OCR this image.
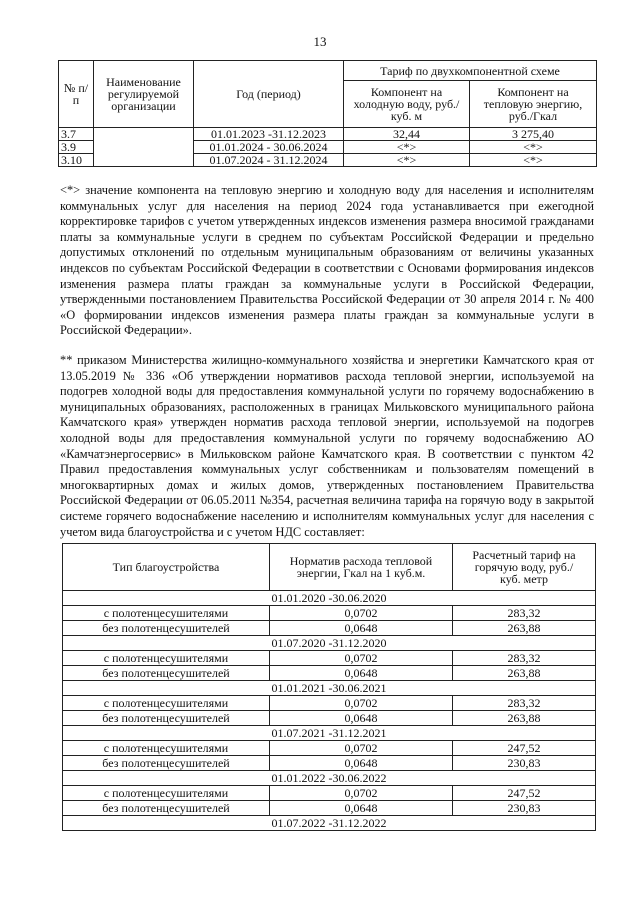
13
№ п/п	Наименование регулируемой организации	Год (период)	Тариф по двухкомпонентной схеме	
			Компонент на холодную воду, руб./куб. м	Компонент на тепловую энергию, руб./Гкал
3.7		01.01.2023 -31.12.2023	32,44	3 275,40
3.9		01.01.2024 - 30.06.2024	<*>	<*>
3.10		01.07.2024 - 31.12.2024	<*>	<*>
<*> значение компонента на тепловую энергию и холодную воду для населения и исполнителям
коммунальных услуг для населения на период 2024 года устанавливается при ежегодной
корректировке тарифов с учетом утвержденных индексов изменения размера вносимой гражданами
платы за коммунальные услуги в среднем по субъектам Российской Федерации и предельно
допустимых отклонений по отдельным муниципальным образованиям от величины указанных
индексов по субъектам Российской Федерации в соответствии с Основами формирования индексов
изменения размера платы граждан за коммунальные услуги в Российской Федерации,
утвержденными постановлением Правительства Российской Федерации от 30 апреля 2014 г. № 400
«О формировании индексов изменения размера платы граждан за коммунальные услуги в
Российской Федерации».
** приказом Министерства жилищно-коммунального хозяйства и энергетики Камчатского края от
13.05.2019 № 336 «Об утверждении нормативов расхода тепловой энергии, используемой на
подогрев холодной воды для предоставления коммунальной услуги по горячему водоснабжению в
муниципальных образованиях, расположенных в границах Мильковского муниципального района
Камчатского края» утвержден норматив расхода тепловой энергии, используемой на подогрев
холодной воды для предоставления коммунальной услуги по горячему водоснабжению АО
«Камчатэнергосервис» в Мильковском районе Камчатского края. В соответствии с пунктом 42
Правил предоставления коммунальных услуг собственникам и пользователям помещений в
многоквартирных домах и жилых домов, утвержденных постановлением Правительства
Российской Федерации от 06.05.2011 №354, расчетная величина тарифа на горячую воду в закрытой
системе горячего водоснабжение населению и исполнителям коммунальных услуг для населения с
учетом вида благоустройства и с учетом НДС составляет:
Тип благоустройства	Норматив расхода тепловой энергии, Гкал на 1 куб.м.	Расчетный тариф на горячую воду, руб./куб. метр
01.01.2020 -30.06.2020		
с полотенцесушителями	0,0702	283,32
без полотенцесушителей	0,0648	263,88
01.07.2020 -31.12.2020		
с полотенцесушителями	0,0702	283,32
без полотенцесушителей	0,0648	263,88
01.01.2021 -30.06.2021		
с полотенцесушителями	0,0702	283,32
без полотенцесушителей	0,0648	263,88
01.07.2021 -31.12.2021		
с полотенцесушителями	0,0702	247,52
без полотенцесушителей	0,0648	230,83
01.01.2022 -30.06.2022		
с полотенцесушителями	0,0702	247,52
без полотенцесушителей	0,0648	230,83
01.07.2022 -31.12.2022		
